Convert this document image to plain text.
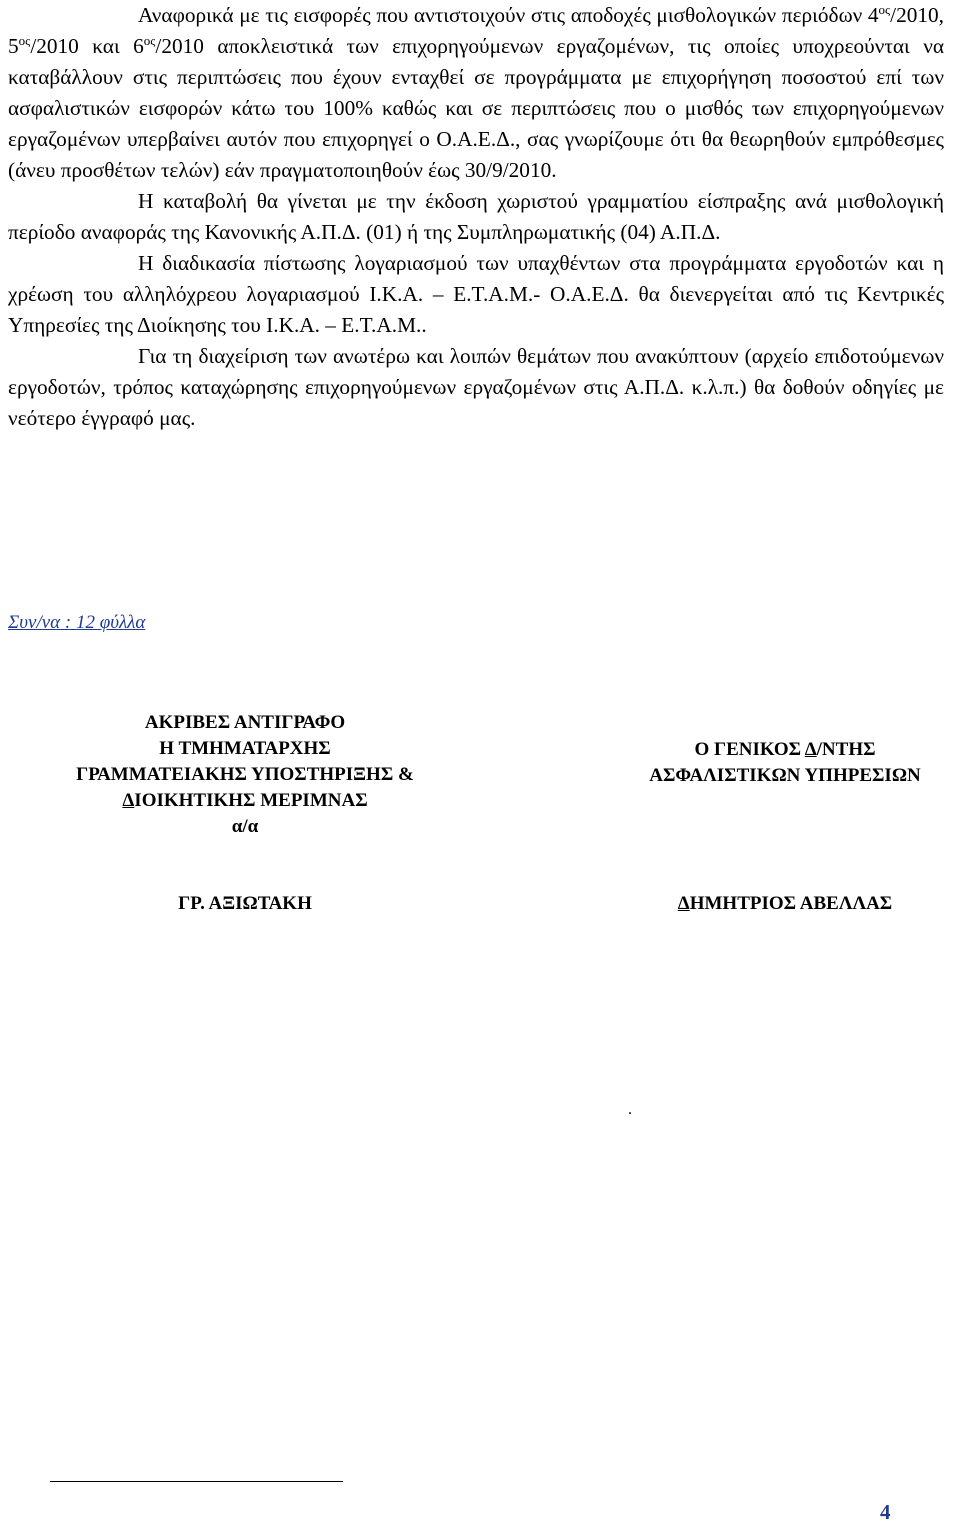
Αναφορικά με τις εισφορές που αντιστοιχούν στις αποδοχές μισθολογικών περιόδων $4^{o\varsigma}/2010$, $5^{o\varsigma}/2010$ και $6^{o\varsigma}/2010$ αποκλειστικά των επιχορηγούμενων εργαζομένων, τις οποίες υποχρεούνται να καταβάλλουν στις περιπτώσεις που έχουν ενταχθεί σε προγράμματα με επιχορήγηση ποσοστού επί των ασφαλιστικών εισφορών κάτω του 100% καθώς και σε περιπτώσεις που ο μισθός των επιχορηγούμενων εργαζομένων υπερβαίνει αυτόν που επιχορηγεί ο Ο.Α.Ε.Δ., σας γνωρίζουμε ότι θα θεωρηθούν εμπρόθεσμες (άνευ προσθέτων τελών) εάν πραγματοποιηθούν έως 30/9/2010.

Η καταβολή θα γίνεται με την έκδοση χωριστού γραμματίου είσπραξης ανά μισθολογική περίοδο αναφοράς της Κανονικής Α.Π.Δ. (01) ή της Συμπληρωματικής (04) Α.Π.Δ.

Η διαδικασία πίστωσης λογαριασμού των υπαχθέντων στα προγράμματα εργοδοτών και η χρέωση του αλληλόχρεου λογαριασμού Ι.Κ.Α. – Ε.Τ.Α.Μ.- Ο.Α.Ε.Δ. θα διενεργείται από τις Κεντρικές Υπηρεσίες της Διοίκησης του Ι.Κ.Α. – Ε.Τ.Α.Μ..

Για τη διαχείριση των ανωτέρω και λοιπών θεμάτων που ανακύπτουν (αρχείο επιδοτούμενων εργοδοτών, τρόπος καταχώρησης επιχορηγούμενων εργαζομένων στις Α.Π.Δ. κ.λ.π.) θα δοθούν οδηγίες με νεότερο έγγραφό μας.

Συν/να : 12 φύλλα
ΑΚΡΙΒΕΣ ΑΝΤΙΓΡΑΦΟ
Η ΤΜΗΜΑΤΑΡΧΗΣ
ΓΡΑΜΜΑΤΕΙΑΚΗΣ ΥΠΟΣΤΗΡΙΞΗΣ &
ΔΙΟΙΚΗΤΙΚΗΣ ΜΕΡΙΜΝΑΣ
α/α
Ο ΓΕΝΙΚΟΣ Δ/ΝΤΗΣ
ΑΣΦΑΛΙΣΤΙΚΩΝ ΥΠΗΡΕΣΙΩΝ
ΓΡ. ΑΞΙΩΤΑΚΗ	ΔΗΜΗΤΡΙΟΣ ΑΒΕΛΛΑΣ
.
4
